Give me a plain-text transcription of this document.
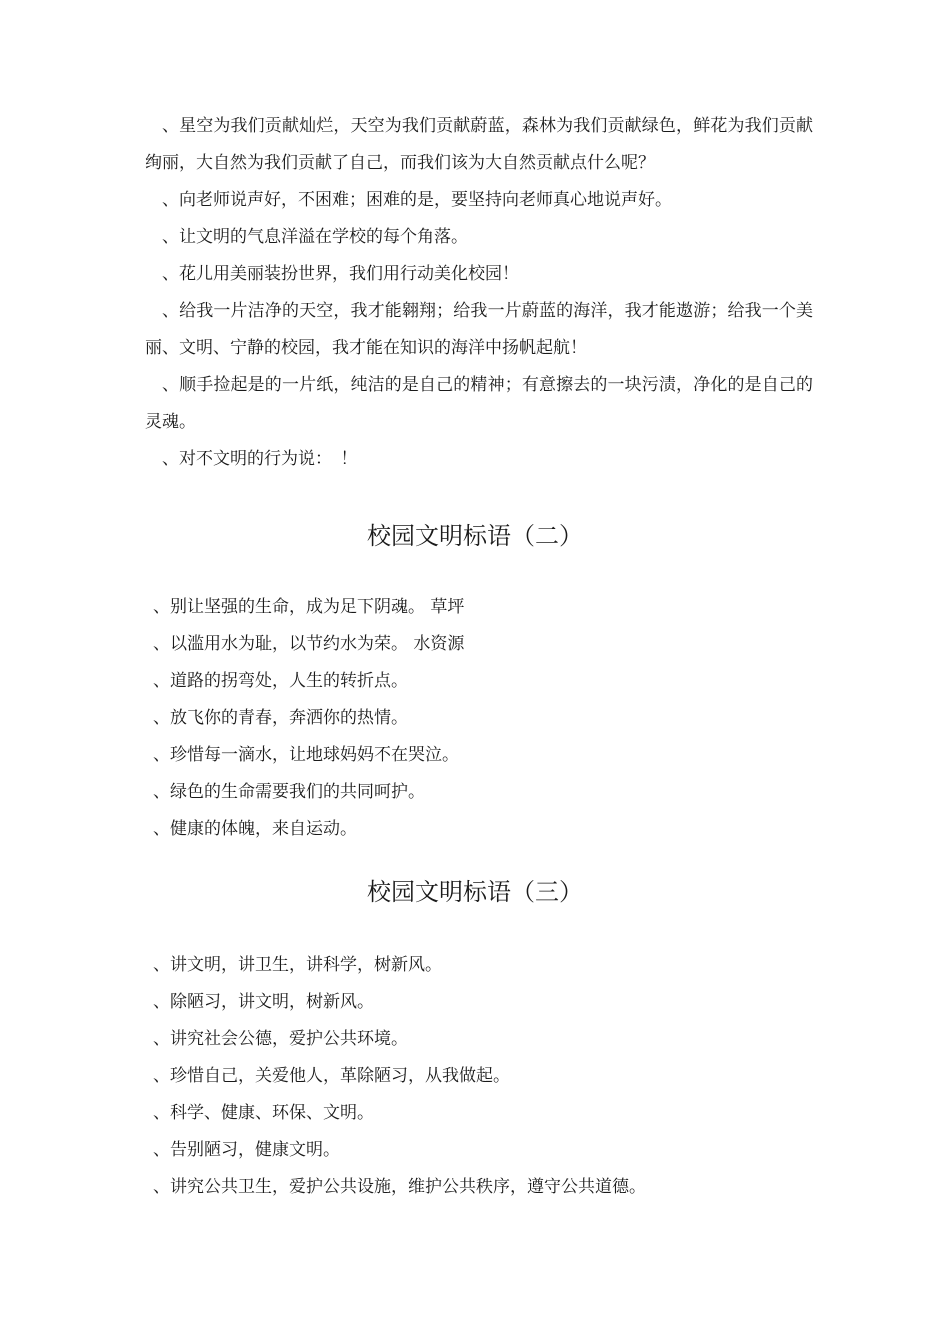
、星空为我们贡献灿烂，天空为我们贡献蔚蓝，森林为我们贡献绿色，鲜花为我们贡献绚丽，大自然为我们贡献了自己，而我们该为大自然贡献点什么呢？

、向老师说声好，不困难；困难的是，要坚持向老师真心地说声好。

、让文明的气息洋溢在学校的每个角落。

、花儿用美丽装扮世界，我们用行动美化校园！

、给我一片洁净的天空，我才能翱翔；给我一片蔚蓝的海洋，我才能遨游；给我一个美丽、文明、宁静的校园，我才能在知识的海洋中扬帆起航！

、顺手捡起是的一片纸，纯洁的是自己的精神；有意擦去的一块污渍，净化的是自己的灵魂。

、对不文明的行为说：　！

校园文明标语（二）
、别让坚强的生命，成为足下阴魂。 草坪
、以滥用水为耻，以节约水为荣。 水资源
、道路的拐弯处，人生的转折点。
、放飞你的青春，奔洒你的热情。
、珍惜每一滴水，让地球妈妈不在哭泣。
、绿色的生命需要我们的共同呵护。
、健康的体魄，来自运动。
校园文明标语（三）
、讲文明，讲卫生，讲科学，树新风。
、除陋习，讲文明，树新风。
、讲究社会公德，爱护公共环境。
、珍惜自己，关爱他人，革除陋习，从我做起。
、科学、健康、环保、文明。
、告别陋习，健康文明。
、讲究公共卫生，爱护公共设施，维护公共秩序，遵守公共道德。
